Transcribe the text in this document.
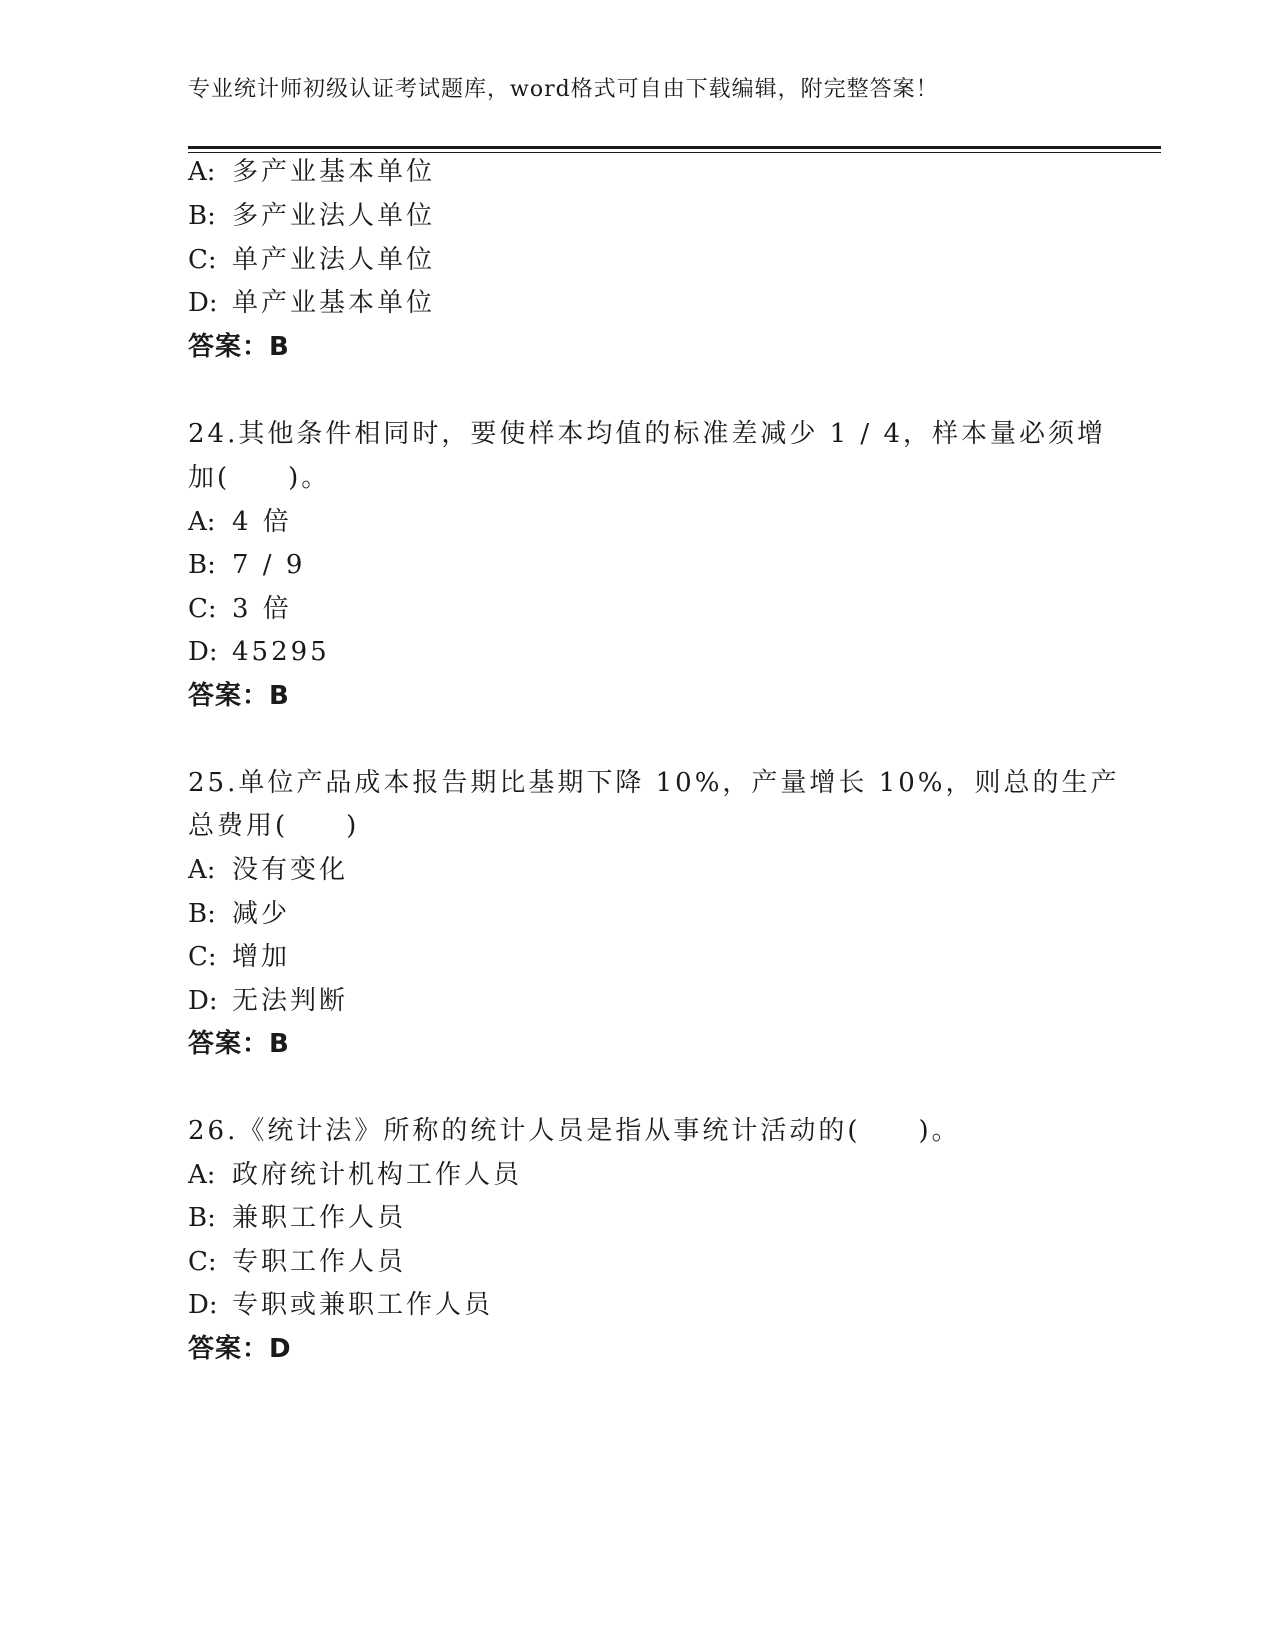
专业统计师初级认证考试题库，word格式可自由下载编辑，附完整答案！
A: 多产业基本单位
B: 多产业法人单位
C: 单产业法人单位
D: 单产业基本单位
答案：B
24.其他条件相同时，要使样本均值的标准差减少 1 / 4，样本量必须增
加(　　)。
A: 4 倍
B: 7 / 9
C: 3 倍
D: 45295
答案：B
25.单位产品成本报告期比基期下降 10%，产量增长 10%，则总的生产
总费用(　　)
A: 没有变化
B: 减少
C: 增加
D: 无法判断
答案：B
26.《统计法》所称的统计人员是指从事统计活动的(　　)。
A: 政府统计机构工作人员
B: 兼职工作人员
C: 专职工作人员
D: 专职或兼职工作人员
答案：D
